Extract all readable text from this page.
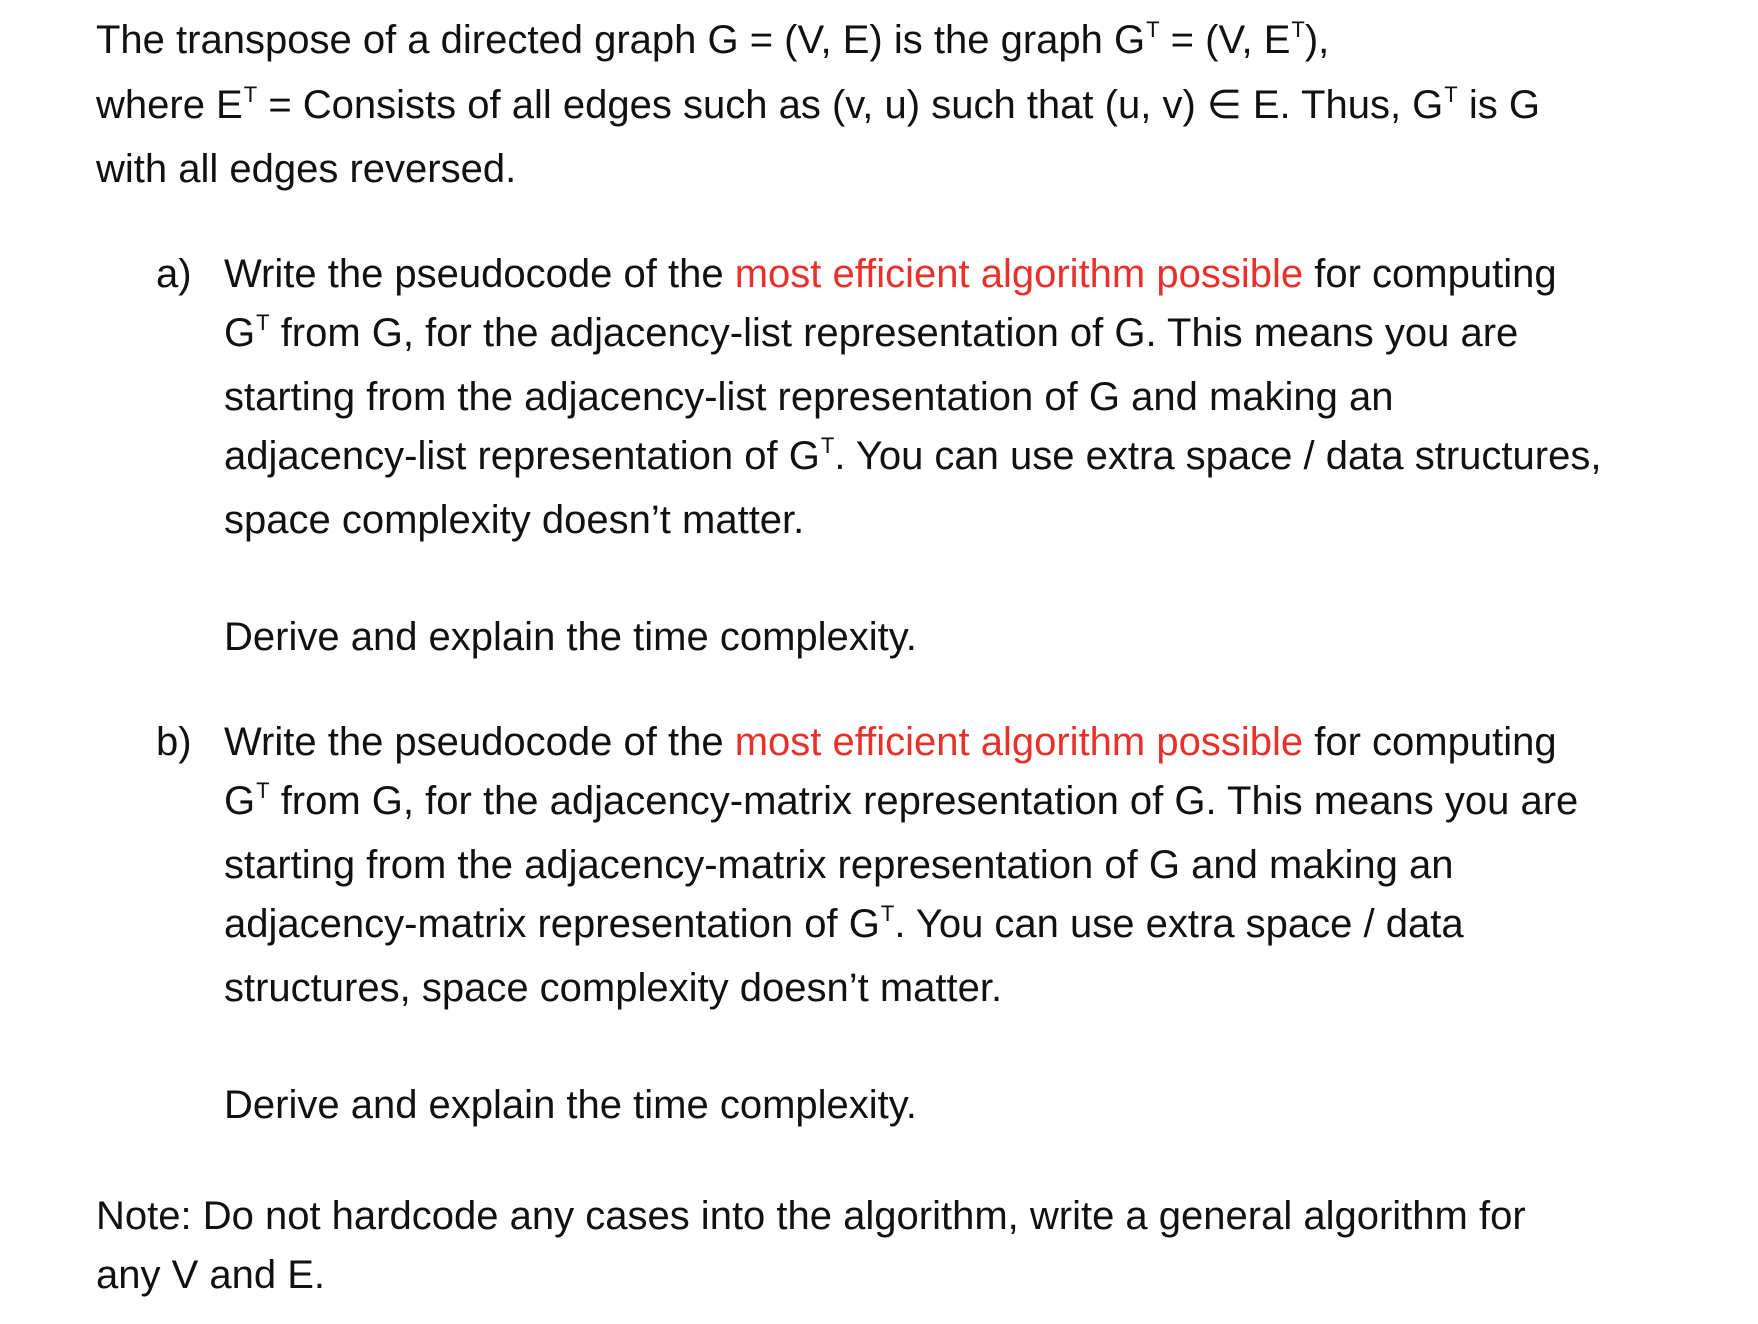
The transpose of a directed graph G = (V, E) is the graph $G^T = (V$, $E^T$),
where $E^T$ = Consists of all edges such as (v, u) such that (u, v) ∈ E. Thus, $G^T$ is G
with all edges reversed.

a) Write the pseudocode of the most efficient algorithm possible for computing
$G^T$ from G, for the adjacency-list representation of G. This means you are
starting from the adjacency-list representation of G and making an
adjacency-list representation of $G^T$. You can use extra space / data structures,
space complexity doesn’t matter.
Derive and explain the time complexity.
b) Write the pseudocode of the most efficient algorithm possible for computing
$G^T$ from G, for the adjacency-matrix representation of G. This means you are
starting from the adjacency-matrix representation of G and making an
adjacency-matrix representation of $G^T$. You can use extra space / data
structures, space complexity doesn’t matter.
Derive and explain the time complexity.

Note: Do not hardcode any cases into the algorithm, write a general algorithm for
any V and E.
